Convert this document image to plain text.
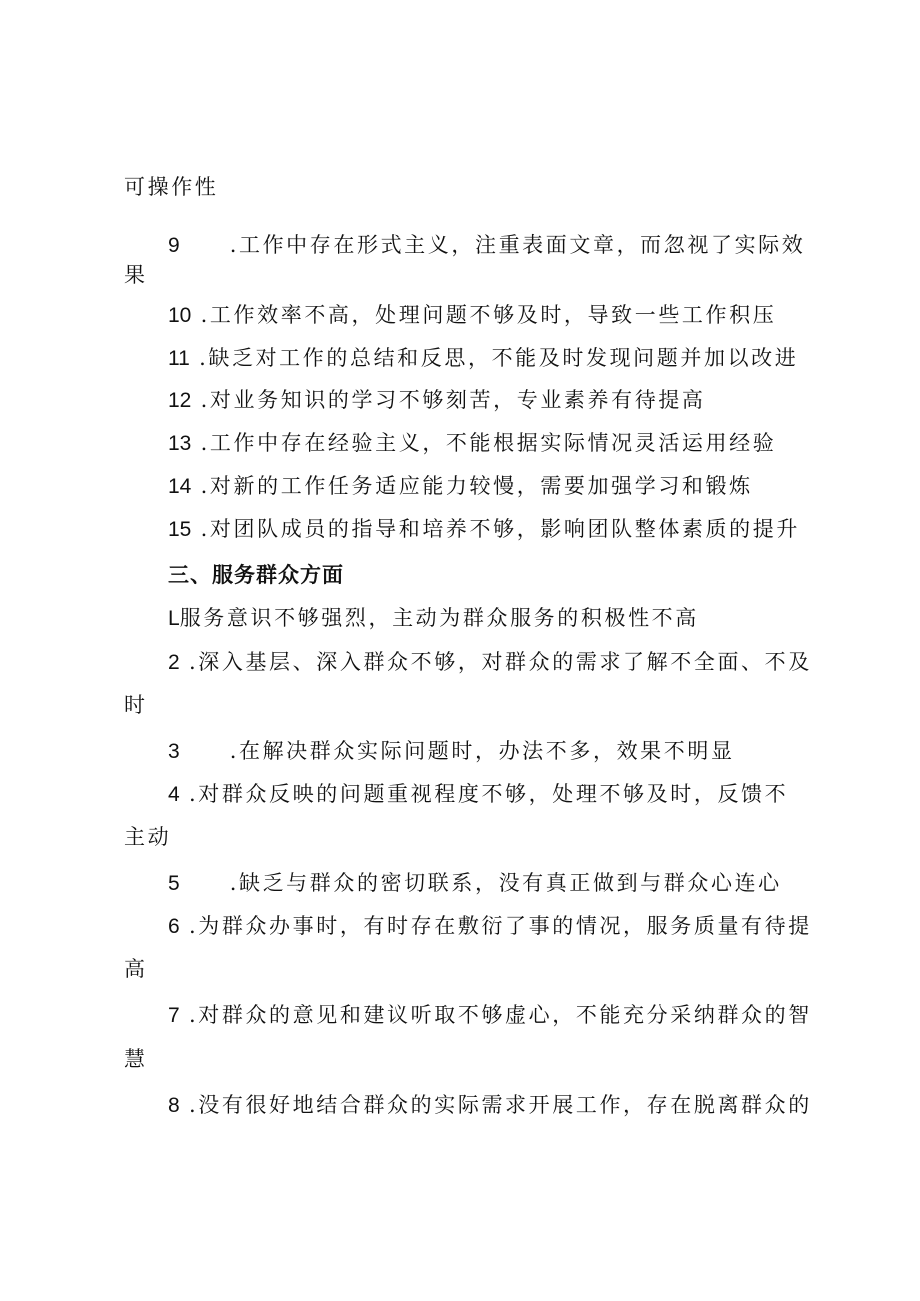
可操作性
9 .工作中存在形式主义，注重表面文章，而忽视了实际效
果
10 .工作效率不高，处理问题不够及时，导致一些工作积压
11 .缺乏对工作的总结和反思，不能及时发现问题并加以改进
12 .对业务知识的学习不够刻苦，专业素养有待提高
13 .工作中存在经验主义，不能根据实际情况灵活运用经验
14 .对新的工作任务适应能力较慢，需要加强学习和锻炼
15 .对团队成员的指导和培养不够，影响团队整体素质的提升
三、服务群众方面
L服务意识不够强烈，主动为群众服务的积极性不高
2 .深入基层、深入群众不够，对群众的需求了解不全面、不及
时
3 .在解决群众实际问题时，办法不多，效果不明显
4 .对群众反映的问题重视程度不够，处理不够及时，反馈不
主动
5 .缺乏与群众的密切联系，没有真正做到与群众心连心
6 .为群众办事时，有时存在敷衍了事的情况，服务质量有待提
高
7 .对群众的意见和建议听取不够虚心，不能充分采纳群众的智
慧
8 .没有很好地结合群众的实际需求开展工作，存在脱离群众的
